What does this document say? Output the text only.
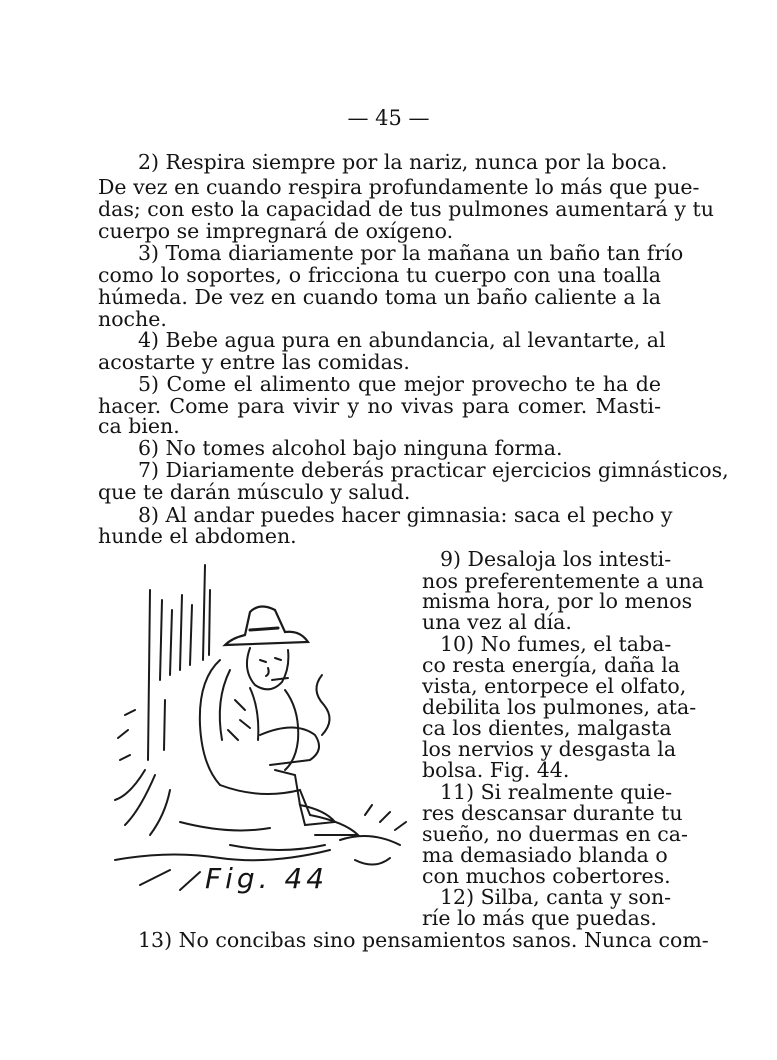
— 45 —
2) Respira siempre por la nariz, nunca por la boca.
De vez en cuando respira profundamente lo más que pue-
das; con esto la capacidad de tus pulmones aumentará y tu
cuerpo se impregnará de oxígeno.
3) Toma diariamente por la mañana un baño tan frío
como lo soportes, o fricciona tu cuerpo con una toalla
húmeda. De vez en cuando toma un baño caliente a la
noche.
4) Bebe agua pura en abundancia, al levantarte, al
acostarte y entre las comidas.
5) Come el alimento que mejor provecho te ha de
hacer. Come para vivir y no vivas para comer. Masti-
ca bien.
6) No tomes alcohol bajo ninguna forma.
7) Diariamente deberás practicar ejercicios gimnásticos,
que te darán músculo y salud.
8) Al andar puedes hacer gimnasia: saca el pecho y
hunde el abdomen.
9) Desaloja los intesti-
nos preferentemente a una
misma hora, por lo menos
una vez al día.
10) No fumes, el taba-
co resta energía, daña la
vista, entorpece el olfato,
debilita los pulmones, ata-
ca los dientes, malgasta
los nervios y desgasta la
bolsa. Fig. 44.
11) Si realmente quie-
res descansar durante tu
sueño, no duermas en ca-
ma demasiado blanda o
con muchos cobertores.
12) Silba, canta y son-
ríe lo más que puedas.
13) No concibas sino pensamientos sanos. Nunca com-
Fig. 44
